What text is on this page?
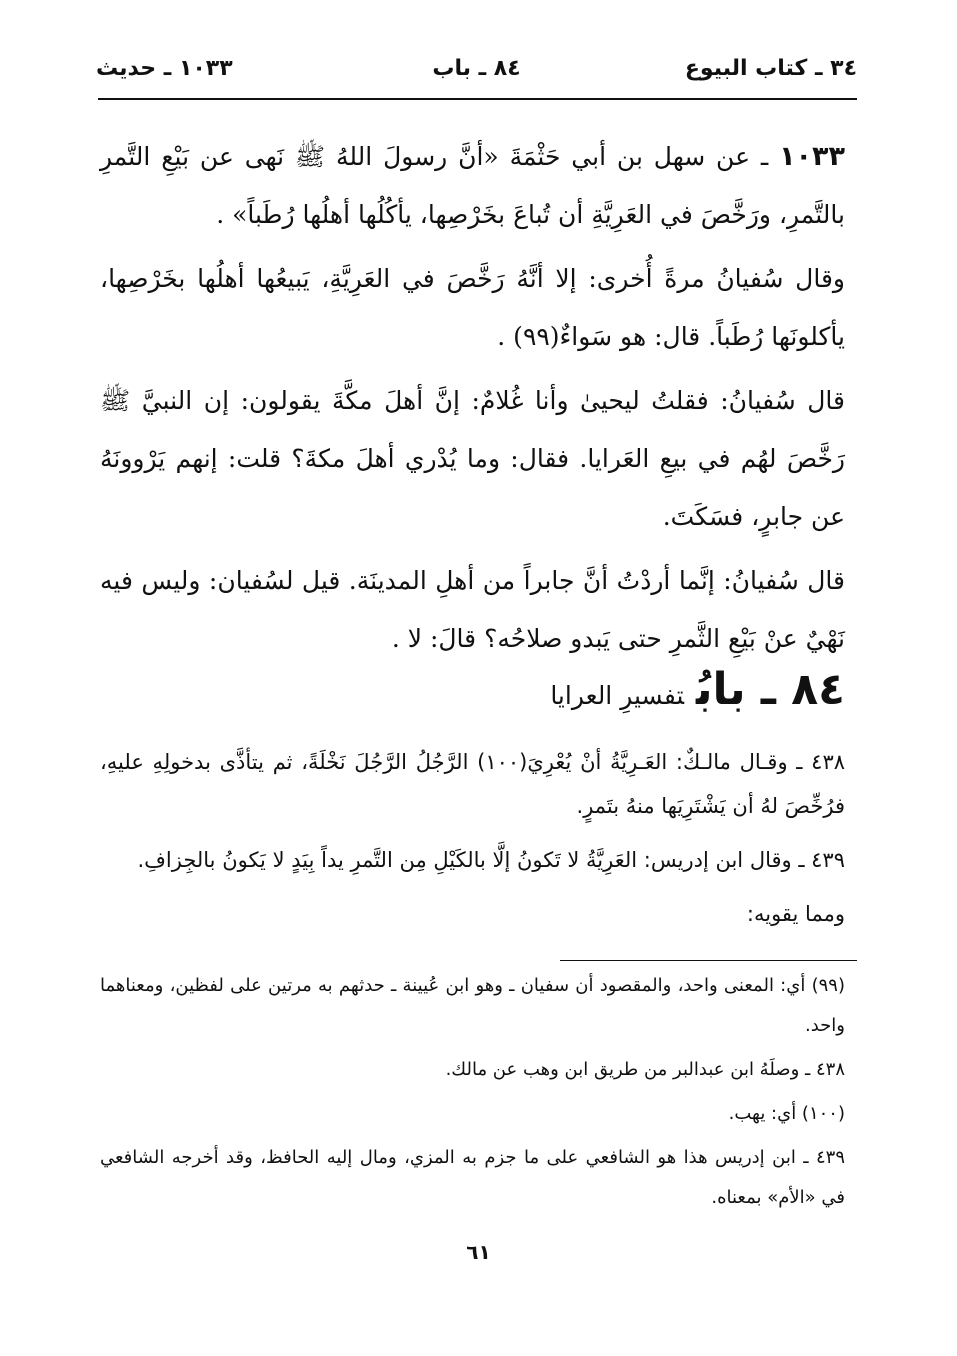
٣٤ ـ كتاب البيوع
٨٤ ـ باب
١٠٣٣ ـ حديث

١٠٣٣ ـ عن سهل بن أبي حَثْمَةَ «أنَّ رسولَ اللهُ ﷺ نَهى عن بَيْعِ التَّمرِ بالتَّمرِ، ورَخَّصَ في العَرِيَّةِ أن تُباعَ بخَرْصِها، يأكُلُها أهلُها رُطَباً» .

وقال سُفيانُ مرةً أُخرى: إلا أنَّهُ رَخَّصَ في العَرِيَّةِ، يَبيعُها أهلُها بخَرْصِها، يأكلونَها رُطَباً. قال: هو سَواءٌ(٩٩) .

قال سُفيانُ: فقلتُ ليحيىٰ وأنا غُلامٌ: إنَّ أهلَ مكَّةَ يقولون: إن النبيَّ ﷺ رَخَّصَ لهُم في بيعِ العَرايا. فقال: وما يُدْري أهلَ مكةَ؟ قلت: إنهم يَرْوونَهُ عن جابرٍ، فسَكَتَ.

قال سُفيانُ: إنَّما أردْتُ أنَّ جابراً من أهلِ المدينَة. قيل لسُفيان: وليس فيه نَهْيٌ عنْ بَيْعِ الثَّمرِ حتى يَبدو صلاحُه؟ قالَ: لا .

٨٤ ـ بابُتفسيرِ العرايا

٤٣٨ ـ وقـال مالـكٌ: العَـرِيَّةُ أنْ يُعْرِيَ(١٠٠) الرَّجُلُ الرَّجُلَ نَخْلَةً، ثم يتأذَّى بدخولِهِ عليهِ، فرُخِّصَ لهُ أن يَشْتَرِيَها منهُ بتَمرٍ.

٤٣٩ ـ وقال ابن إدريس: العَرِيَّةُ لا تَكونُ إلَّا بالكَيْلِ مِن التَّمرِ يداً بِيَدٍ لا يَكونُ بالجِزافِ.

ومما يقويه:

(٩٩) أي: المعنى واحد، والمقصود أن سفيان ـ وهو ابن عُيينة ـ حدثهم به مرتين على لفظين، ومعناهما واحد.

٤٣٨ ـ وصلَهُ ابن عبدالبر من طريق ابن وهب عن مالك.

(١٠٠) أي: يهب.

٤٣٩ ـ ابن إدريس هذا هو الشافعي على ما جزم به المزي، ومال إليه الحافظ، وقد أخرجه الشافعي في «الأم» بمعناه.

٦١
